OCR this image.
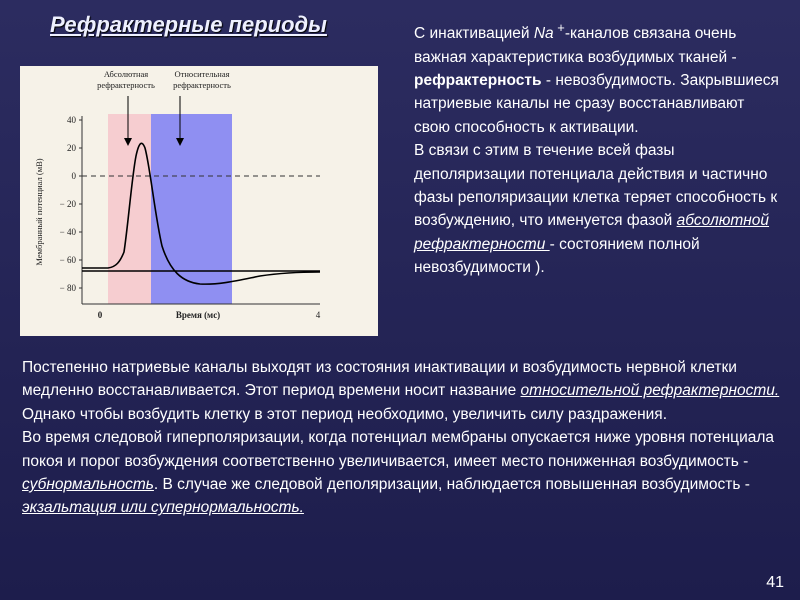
Рефрактерные периоды
40
20
0
− 20
− 40
− 60
− 80
Мембранный потенциал (мВ)
Абсолютная
рефрактерность
Относительная
рефрактерность
0	Время (мс)	4

С инактивацией Na +-каналов связана очень важная характеристика возбудимых тканей - рефрактерность - невозбудимость. Закрывшиеся натриевые каналы не сразу восстанавливают свою способность к активации.

В связи с этим в течение всей фазы деполяризации потенциала действия и частично фазы реполяризации клетка теряет способность к возбуждению, что именуется фазой абсолютной рефрактерности - состоянием полной невозбудимости ).

Постепенно натриевые каналы выходят из состояния инактивации и возбудимость нервной клетки медленно восстанавливается. Этот период времени носит название относительной рефрактерности. Однако чтобы возбудить клетку в этот период необходимо, увеличить силу раздражения.

Во время следовой гиперполяризации, когда потенциал мембраны опускается ниже уровня потенциала покоя и порог возбуждения соответственно увеличивается, имеет место пониженная возбудимость - субнормальность. В случае же следовой деполяризации, наблюдается повышенная возбудимость - экзальтация или супернормальность.

41
